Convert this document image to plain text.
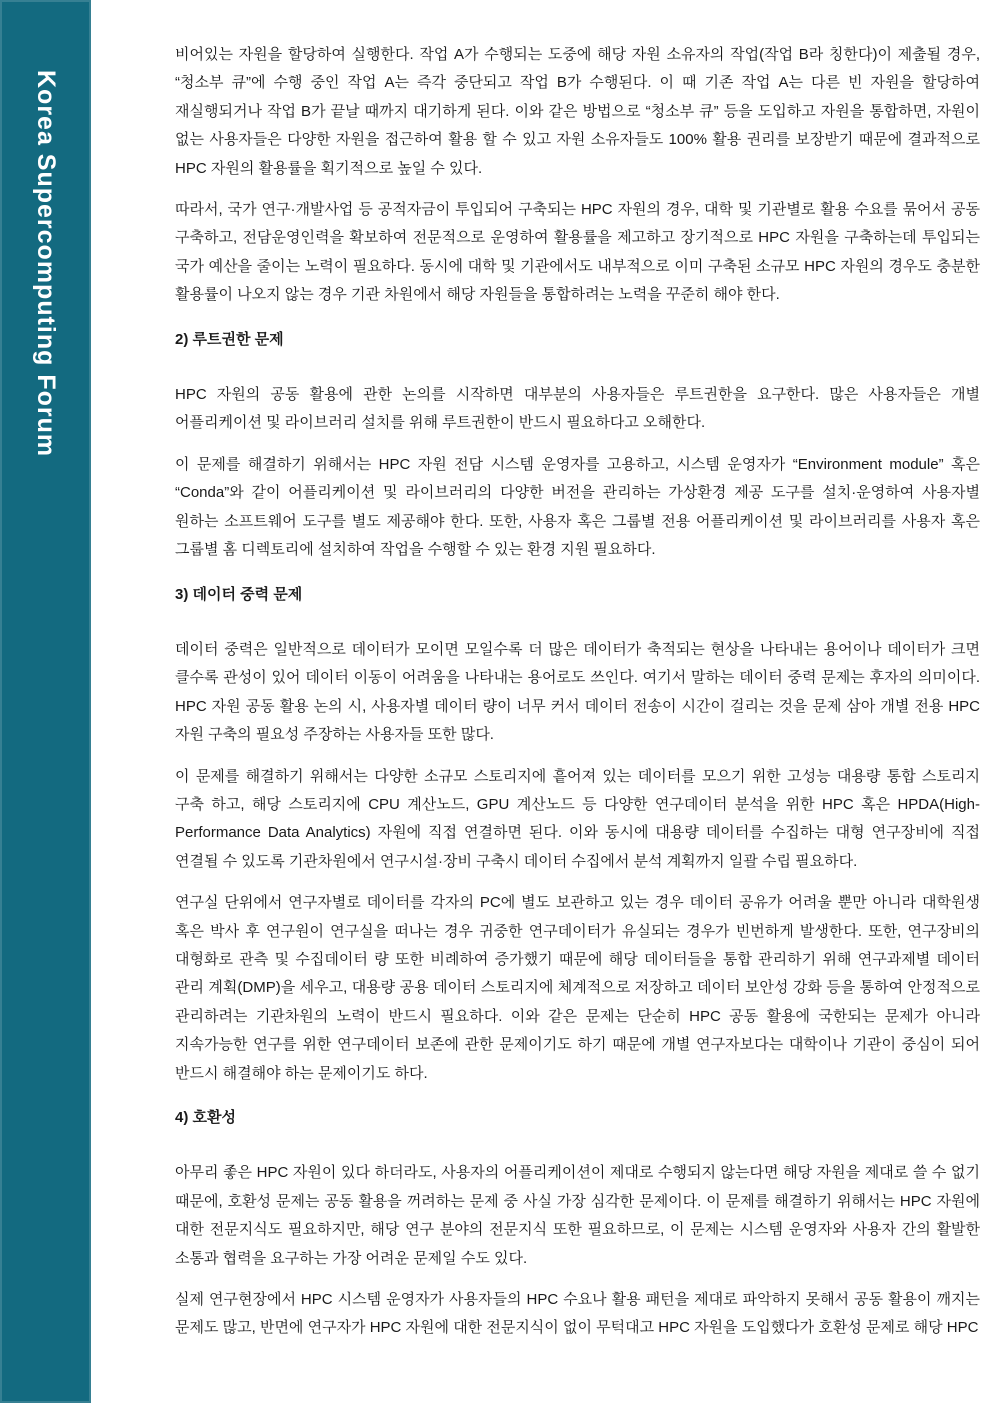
Korea Supercomputing Forum

비어있는 자원을 할당하여 실행한다. 작업 A가 수행되는 도중에 해당 자원 소유자의 작업(작업 B라 칭한다)이 제출될 경우, “청소부 큐”에 수행 중인 작업 A는 즉각 중단되고 작업 B가 수행된다. 이 때 기존 작업 A는 다른 빈 자원을 할당하여 재실행되거나 작업 B가 끝날 때까지 대기하게 된다. 이와 같은 방법으로 “청소부 큐” 등을 도입하고 자원을 통합하면, 자원이 없는 사용자들은 다양한 자원을 접근하여 활용 할 수 있고 자원 소유자들도 100% 활용 권리를 보장받기 때문에 결과적으로 HPC 자원의 활용률을 획기적으로 높일 수 있다.

따라서, 국가 연구·개발사업 등 공적자금이 투입되어 구축되는 HPC 자원의 경우, 대학 및 기관별로 활용 수요를 묶어서 공동 구축하고, 전담운영인력을 확보하여 전문적으로 운영하여 활용률을 제고하고 장기적으로 HPC 자원을 구축하는데 투입되는 국가 예산을 줄이는 노력이 필요하다. 동시에 대학 및 기관에서도 내부적으로 이미 구축된 소규모 HPC 자원의 경우도 충분한 활용률이 나오지 않는 경우 기관 차원에서 해당 자원들을 통합하려는 노력을 꾸준히 해야 한다.

2) 루트권한 문제

HPC 자원의 공동 활용에 관한 논의를 시작하면 대부분의 사용자들은 루트권한을 요구한다. 많은 사용자들은 개별 어플리케이션 및 라이브러리 설치를 위해 루트권한이 반드시 필요하다고 오해한다.

이 문제를 해결하기 위해서는 HPC 자원 전담 시스템 운영자를 고용하고, 시스템 운영자가 “Environment module” 혹은 “Conda”와 같이 어플리케이션 및 라이브러리의 다양한 버전을 관리하는 가상환경 제공 도구를 설치·운영하여 사용자별 원하는 소프트웨어 도구를 별도 제공해야 한다. 또한, 사용자 혹은 그룹별 전용 어플리케이션 및 라이브러리를 사용자 혹은 그룹별 홈 디렉토리에 설치하여 작업을 수행할 수 있는 환경 지원 필요하다.

3) 데이터 중력 문제

데이터 중력은 일반적으로 데이터가 모이면 모일수록 더 많은 데이터가 축적되는 현상을 나타내는 용어이나 데이터가 크면 클수록 관성이 있어 데이터 이동이 어려움을 나타내는 용어로도 쓰인다. 여기서 말하는 데이터 중력 문제는 후자의 의미이다. HPC 자원 공동 활용 논의 시, 사용자별 데이터 량이 너무 커서 데이터 전송이 시간이 걸리는 것을 문제 삼아 개별 전용 HPC 자원 구축의 필요성 주장하는 사용자들 또한 많다.

이 문제를 해결하기 위해서는 다양한 소규모 스토리지에 흩어져 있는 데이터를 모으기 위한 고성능 대용량 통합 스토리지 구축 하고, 해당 스토리지에 CPU 계산노드, GPU 계산노드 등 다양한 연구데이터 분석을 위한 HPC 혹은 HPDA(High-Performance Data Analytics) 자원에 직접 연결하면 된다. 이와 동시에 대용량 데이터를 수집하는 대형 연구장비에 직접 연결될 수 있도록 기관차원에서 연구시설·장비 구축시 데이터 수집에서 분석 계획까지 일괄 수립 필요하다.

연구실 단위에서 연구자별로 데이터를 각자의 PC에 별도 보관하고 있는 경우 데이터 공유가 어려울 뿐만 아니라 대학원생 혹은 박사 후 연구원이 연구실을 떠나는 경우 귀중한 연구데이터가 유실되는 경우가 빈번하게 발생한다. 또한, 연구장비의 대형화로 관측 및 수집데이터 량 또한 비례하여 증가했기 때문에 해당 데이터들을 통합 관리하기 위해 연구과제별 데이터 관리 계획(DMP)을 세우고, 대용량 공용 데이터 스토리지에 체계적으로 저장하고 데이터 보안성 강화 등을 통하여 안정적으로 관리하려는 기관차원의 노력이 반드시 필요하다. 이와 같은 문제는 단순히 HPC 공동 활용에 국한되는 문제가 아니라 지속가능한 연구를 위한 연구데이터 보존에 관한 문제이기도 하기 때문에 개별 연구자보다는 대학이나 기관이 중심이 되어 반드시 해결해야 하는 문제이기도 하다.

4) 호환성

아무리 좋은 HPC 자원이 있다 하더라도, 사용자의 어플리케이션이 제대로 수행되지 않는다면 해당 자원을 제대로 쓸 수 없기 때문에, 호환성 문제는 공동 활용을 꺼려하는 문제 중 사실 가장 심각한 문제이다. 이 문제를 해결하기 위해서는 HPC 자원에 대한 전문지식도 필요하지만, 해당 연구 분야의 전문지식 또한 필요하므로, 이 문제는 시스템 운영자와 사용자 간의 활발한 소통과 협력을 요구하는 가장 어려운 문제일 수도 있다.

실제 연구현장에서 HPC 시스템 운영자가 사용자들의 HPC 수요나 활용 패턴을 제대로 파악하지 못해서 공동 활용이 깨지는 문제도 많고, 반면에 연구자가 HPC 자원에 대한 전문지식이 없이 무턱대고 HPC 자원을 도입했다가 호환성 문제로 해당 HPC
